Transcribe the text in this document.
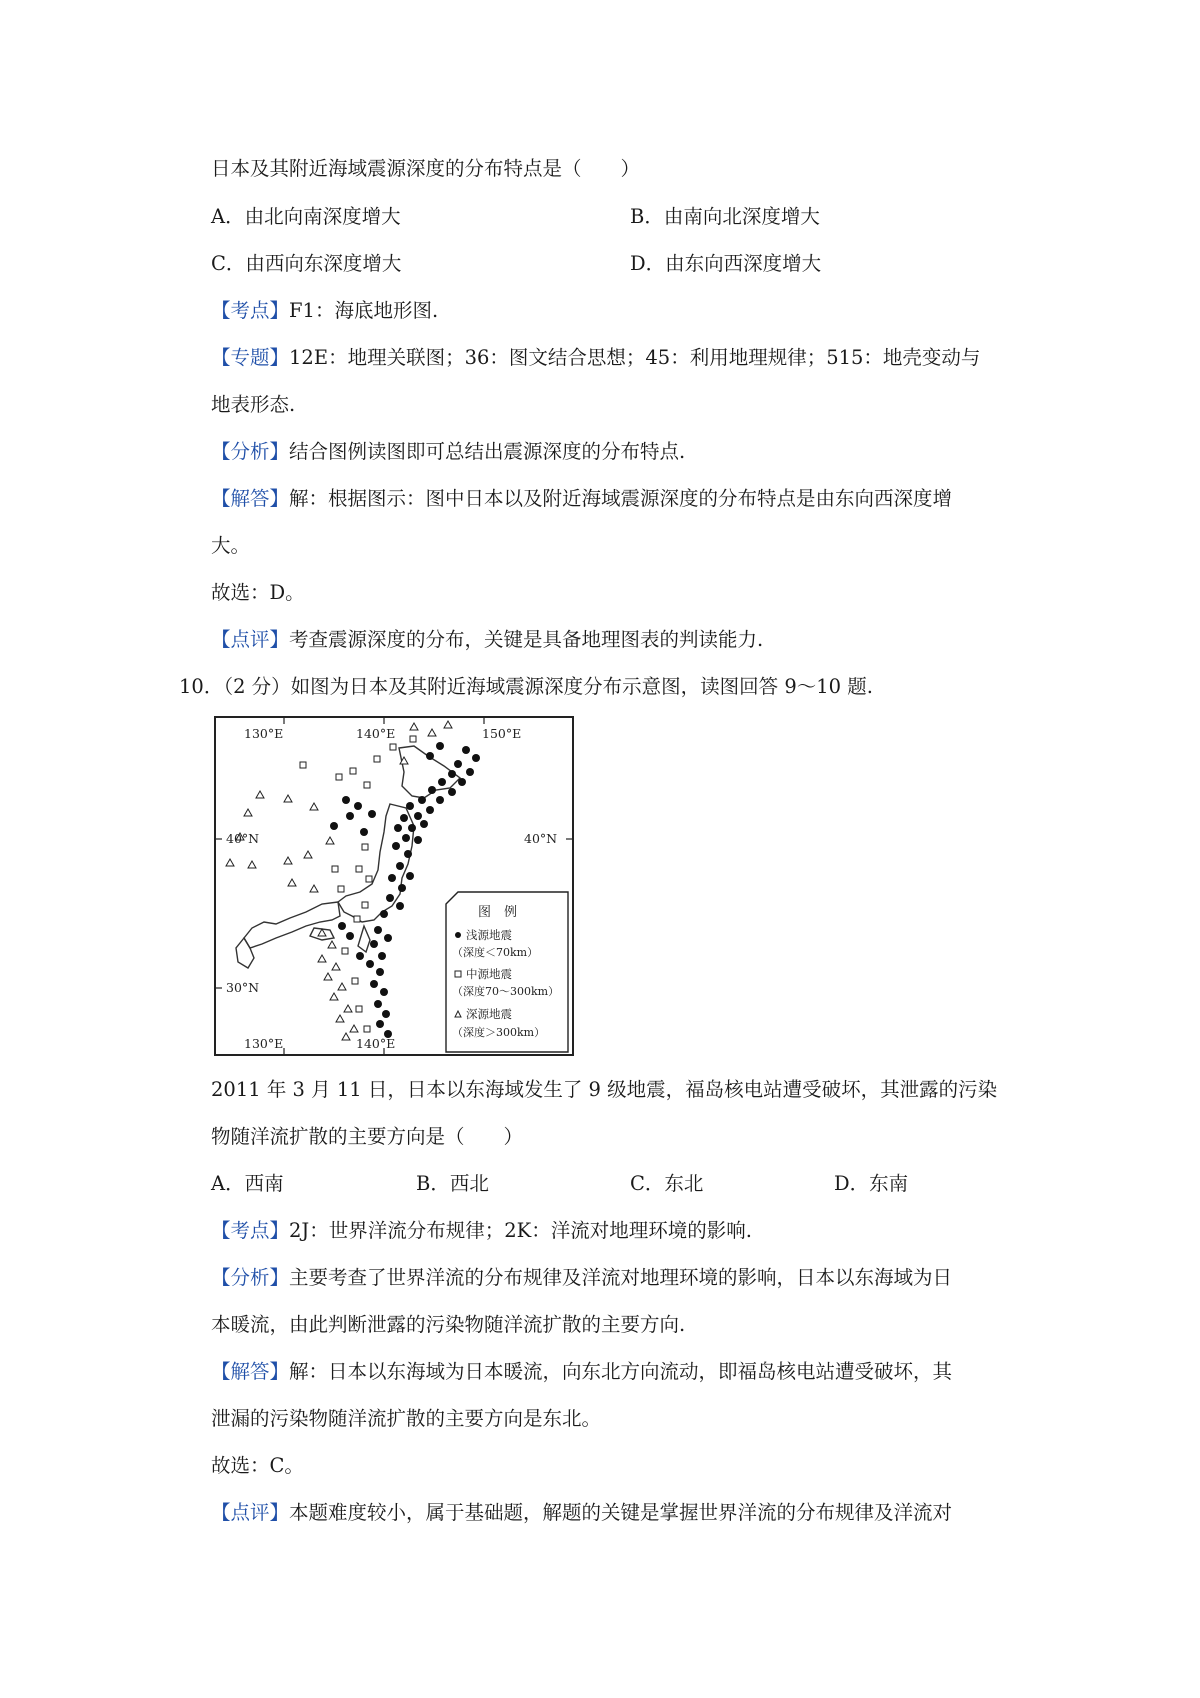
日本及其附近海域震源深度的分布特点是（　　）
A．由北向南深度增大	B．由南向北深度增大
C．由西向东深度增大	D．由东向西深度增大
【考点】F1：海底地形图.
【专题】12E：地理关联图；36：图文结合思想；45：利用地理规律；515：地壳变动与
地表形态.
【分析】结合图例读图即可总结出震源深度的分布特点.
【解答】解：根据图示：图中日本以及附近海域震源深度的分布特点是由东向西深度增
大。
故选：D。
【点评】考查震源深度的分布，关键是具备地理图表的判读能力.
10．（2 分）如图为日本及其附近海域震源深度分布示意图，读图回答 9～10 题.
130°E	140°E	150°E
40°N	40°N
30°N
130°E	140°E
图　例
浅源地震
（深度＜70km）
中源地震
（深度70～300km）
深源地震
（深度＞300km）
2011 年 3 月 11 日，日本以东海域发生了 9 级地震，福岛核电站遭受破坏，其泄露的污染
物随洋流扩散的主要方向是（　　）
A．西南	B．西北	C．东北	D．东南
【考点】2J：世界洋流分布规律；2K：洋流对地理环境的影响.
【分析】主要考查了世界洋流的分布规律及洋流对地理环境的影响，日本以东海域为日
本暖流，由此判断泄露的污染物随洋流扩散的主要方向.
【解答】解：日本以东海域为日本暖流，向东北方向流动，即福岛核电站遭受破坏，其
泄漏的污染物随洋流扩散的主要方向是东北。
故选：C。
【点评】本题难度较小，属于基础题，解题的关键是掌握世界洋流的分布规律及洋流对
